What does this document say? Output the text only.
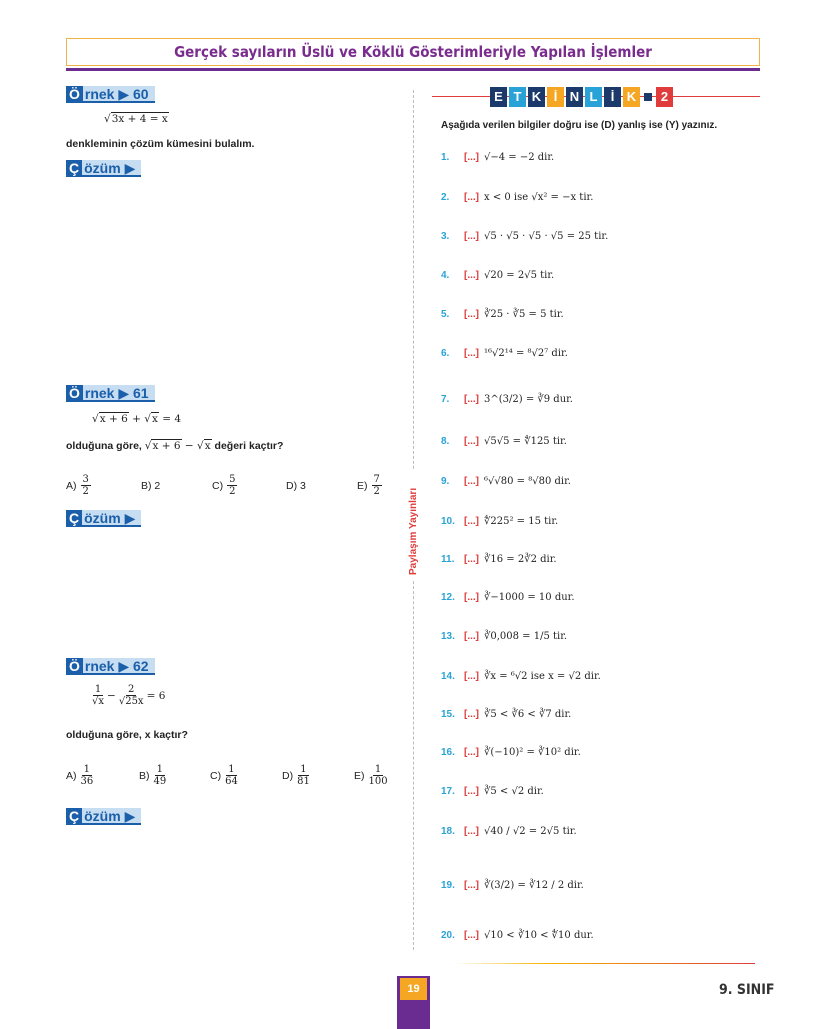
Gerçek sayıların Üslü ve Köklü Gösterimleriyle Yapılan İşlemler
Ö rnek ▶ 60
√3x + 4 = x
denkleminin çözüm kümesini bulalım.
Ç özüm ▶
Ö rnek ▶ 61
√x + 6 + √x = 4
olduğuna göre, √x + 6 − √x değeri kaçtır?
$A) \frac{3}{2}$	B) 2	$C) \frac{5}{2}$	D) 3	$E) \frac{7}{2}$
Ç özüm ▶
Ö rnek ▶ 62
$\frac{1}{√x} - \frac{2}{√25x} = 6$
olduğuna göre, x kaçtır?
$A) \frac{1}{36}$	$B) \frac{1}{49}$	$C) \frac{1}{64}$	$D) \frac{1}{81}$	$E) \frac{1}{100}$
Ç özüm ▶
Paylaşım Yayınları
E T K İ N L	İ K	2
Aşağıda verilen bilgiler doğru ise (D) yanlış ise (Y) yazınız.
1.	[...] √−4 = −2 dir.
2.	[...] x < 0 ise √x² = −x tir.
3.	[...] √5 · √5 · √5 · √5 = 25 tir.
4.	[...] √20 = 2√5 tir.
5.	[...] ∛25 · ∛5 = 5 tir.
6.	[...] ¹⁶√2¹⁴ = ⁸√2⁷ dir.
7.	[...] 3^(3/2) = ∛9 dur.
8.	[...] √5√5 = ∜125 tir.
9.	[...] ⁶√√80 = ⁸√80 dir.
10. [...] ∜225² = 15 tir.
11. [...] ∛16 = 2∛2 dir.
12. [...] ∛−1000 = 10 dur.
13. [...] ∛0,008 = 1/5 tir.
14. [...] ∛x = ⁶√2 ise x = √2 dir.
15. [...] ∛5 < ∛6 < ∛7 dir.
16. [...] ∛(−10)² = ∛10² dir.
17. [...] ∛5 < √2 dir.
18. [...] √40 / √2 = 2√5 tir.
19. [...] ∛(3/2) = ∛12 / 2 dir.
20. [...] √10 < ∛10 < ∜10 dur.
19	9. SINIF
